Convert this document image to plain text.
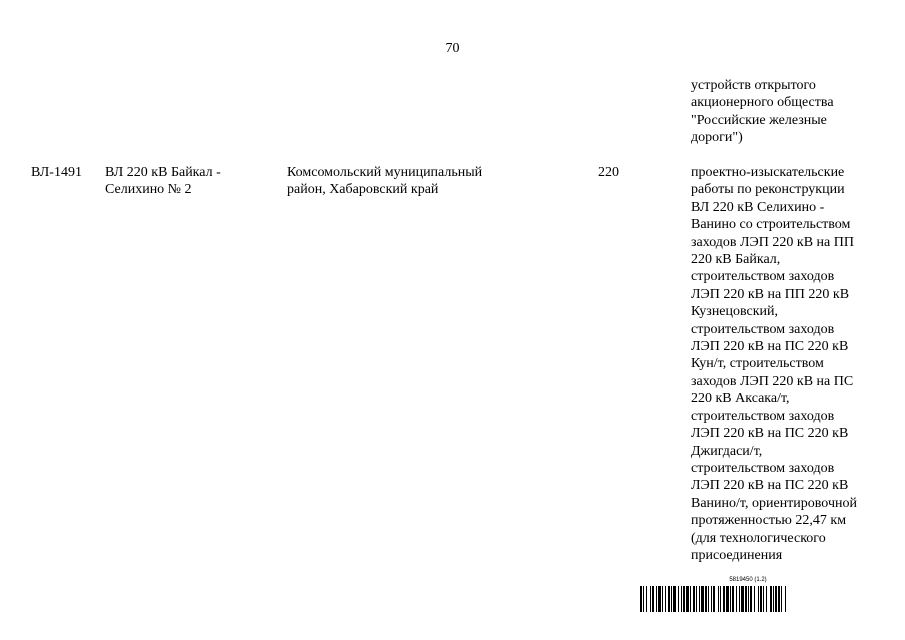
70
устройств открытого
акционерного общества
"Российские железные
дороги")
ВЛ-1491 ВЛ 220 кВ Байкал -
Селихино № 2
Комсомольский муниципальный
район, Хабаровский край
220	проектно-изыскательские
работы по реконструкции
ВЛ 220 кВ Селихино -
Ванино со строительством
заходов ЛЭП 220 кВ на ПП
220 кВ Байкал,
строительством заходов
ЛЭП 220 кВ на ПП 220 кВ
Кузнецовский,
строительством заходов
ЛЭП 220 кВ на ПС 220 кВ
Кун/т, строительством
заходов ЛЭП 220 кВ на ПС
220 кВ Аксака/т,
строительством заходов
ЛЭП 220 кВ на ПС 220 кВ
Джигдаси/т,
строительством заходов
ЛЭП 220 кВ на ПС 220 кВ
Ванино/т, ориентировочной
протяженностью 22,47 км
(для технологического
присоединения
5819450 (1.2)
